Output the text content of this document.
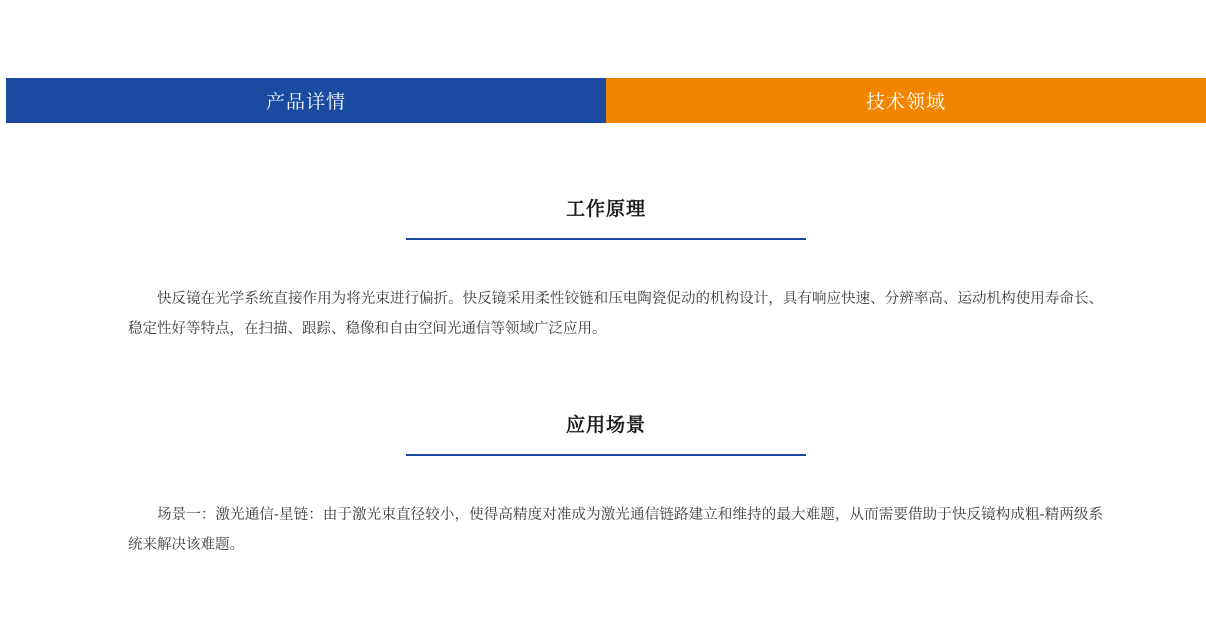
产品详情	技术领域
工作原理

快反镜在光学系统直接作用为将光束进行偏折。快反镜采用柔性铰链和压电陶瓷促动的机构设计，具有响应快速、分辨率高、运动机构使用寿命长、稳定性好等特点，在扫描、跟踪、稳像和自由空间光通信等领域广泛应用。

应用场景

场景一：激光通信-星链：由于激光束直径较小，使得高精度对准成为激光通信链路建立和维持的最大难题，从而需要借助于快反镜构成粗-精两级系统来解决该难题。
